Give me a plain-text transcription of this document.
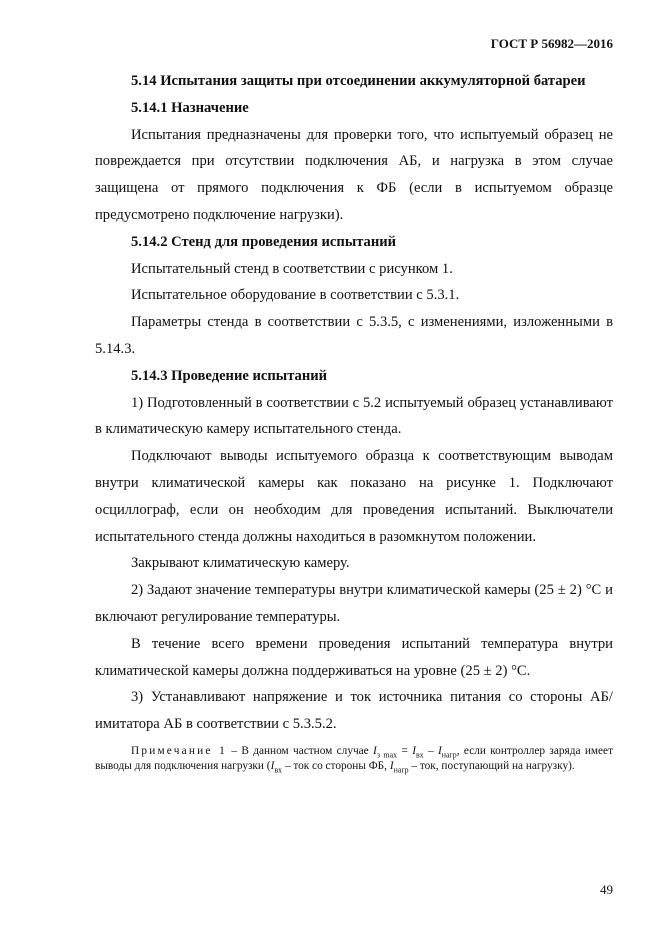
ГОСТ Р 56982—2016

5.14 Испытания защиты при отсоединении аккумуляторной батареи

5.14.1 Назначение

Испытания предназначены для проверки того, что испытуемый образец не повреждается при отсутствии подключения АБ, и нагрузка в этом случае защищена от прямого подключения к ФБ (если в испытуемом образце предусмотрено подключение нагрузки).

5.14.2 Стенд для проведения испытаний

Испытательный стенд в соответствии с рисунком 1.

Испытательное оборудование в соответствии с 5.3.1.

Параметры стенда в соответствии с 5.3.5, с изменениями, изложенными в 5.14.3.

5.14.3 Проведение испытаний

1) Подготовленный в соответствии с 5.2 испытуемый образец устанавливают в климатическую камеру испытательного стенда.

Подключают выводы испытуемого образца к соответствующим выводам внутри климатической камеры как показано на рисунке 1. Подключают осциллограф, если он необходим для проведения испытаний. Выключатели испытательного стенда должны находиться в разомкнутом положении.

Закрывают климатическую камеру.

2) Задают значение температуры внутри климатической камеры (25 ± 2) °С и включают регулирование температуры.

В течение всего времени проведения испытаний температура внутри климатической камеры должна поддерживаться на уровне (25 ± 2) °С.

3) Устанавливают напряжение и ток источника питания со стороны АБ/имитатора АБ в соответствии с 5.3.5.2.

Примечание 1 – В данном частном случае $I_{з max} = I_{вх} - I_{нагр}$, если контроллер заряда имеет выводы для подключения нагрузки ($I_{вх}$ – ток со стороны ФБ, $I_{нагр}$ – ток, поступающий на нагрузку).

49
